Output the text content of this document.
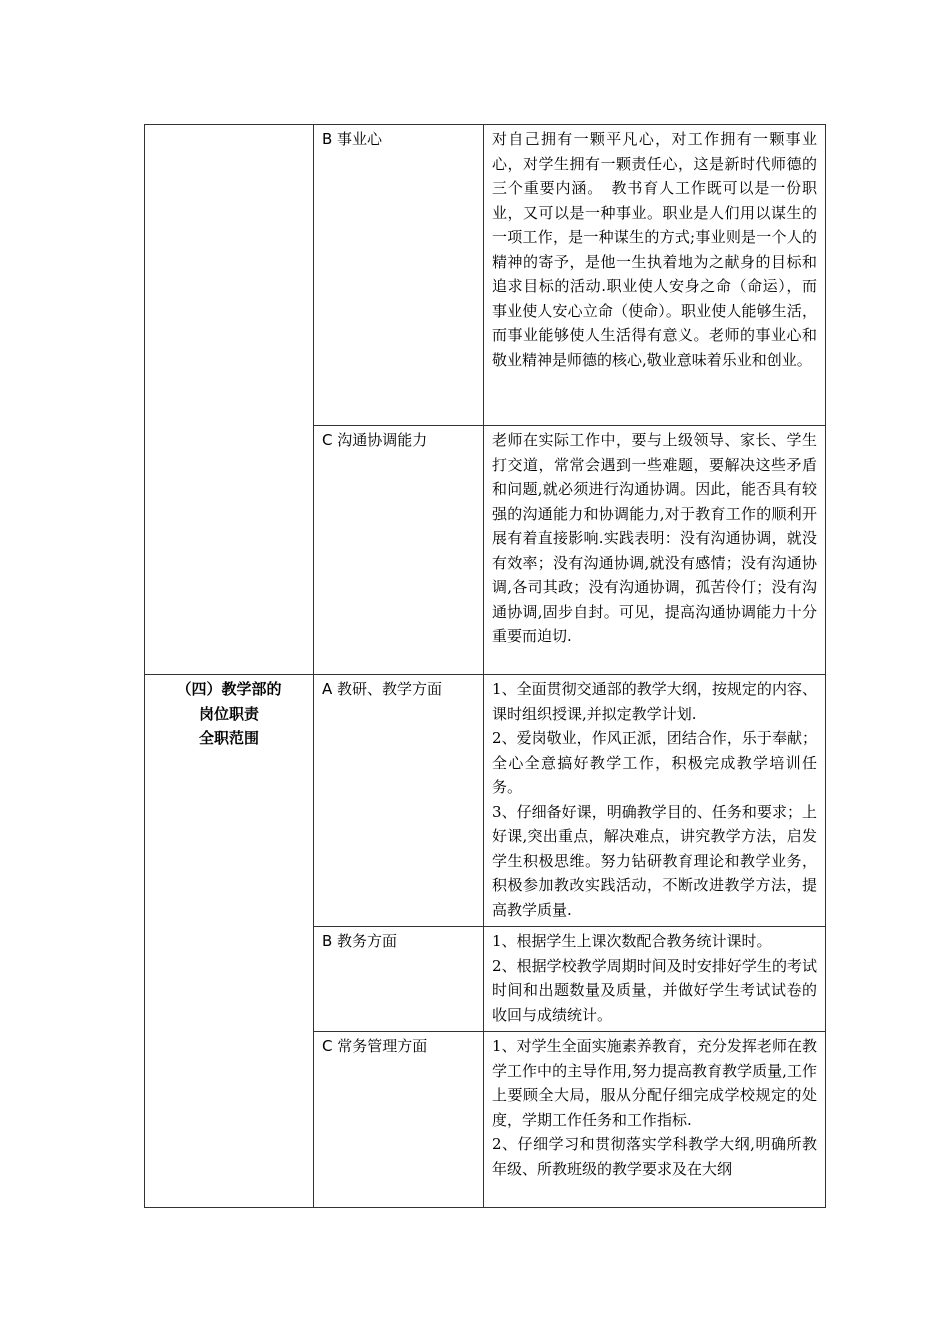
	B 事业心	对自己拥有一颗平凡心，对工作拥有一颗事业心，对学生拥有一颗责任心，这是新时代师德的三个重要内涵。　教书育人工作既可以是一份职业，又可以是一种事业。职业是人们用以谋生的一项工作，是一种谋生的方式;事业则是一个人的精神的寄予，是他一生执着地为之献身的目标和追求目标的活动.职业使人安身之命（命运），而事业使人安心立命（使命）。职业使人能够生活，而事业能够使人生活得有意义。老师的事业心和敬业精神是师德的核心,敬业意味着乐业和创业。

	C 沟通协调能力	老师在实际工作中，要与上级领导、家长、学生打交道，常常会遇到一些难题，要解决这些矛盾和问题,就必须进行沟通协调。因此，能否具有较强的沟通能力和协调能力,对于教育工作的顺利开展有着直接影响.实践表明：没有沟通协调，就没有效率；没有沟通协调,就没有感情；没有沟通协调,各司其政；没有沟通协调，孤苦伶仃；没有沟通协调,固步自封。可见，提高沟通协调能力十分重要而迫切.

（四）教学部的
岗位职责
全职范围	A 教研、教学方面	1、全面贯彻交通部的教学大纲，按规定的内容、课时组织授课,并拟定教学计划.
2、爱岗敬业，作风正派，团结合作，乐于奉献；全心全意搞好教学工作，积极完成教学培训任务。
3、仔细备好课，明确教学目的、任务和要求；上好课,突出重点，解决难点，讲究教学方法，启发学生积极思维。努力钻研教育理论和教学业务，积极参加教改实践活动，不断改进教学方法，提高教学质量.

	B 教务方面	1、根据学生上课次数配合教务统计课时。
2、根据学校教学周期时间及时安排好学生的考试时间和出题数量及质量，并做好学生考试试卷的收回与成绩统计。

	C 常务管理方面	1、对学生全面实施素养教育，充分发挥老师在教学工作中的主导作用,努力提高教育教学质量,工作上要顾全大局，服从分配仔细完成学校规定的处度，学期工作任务和工作指标.
2、仔细学习和贯彻落实学科教学大纲,明确所教年级、所教班级的教学要求及在大纲
